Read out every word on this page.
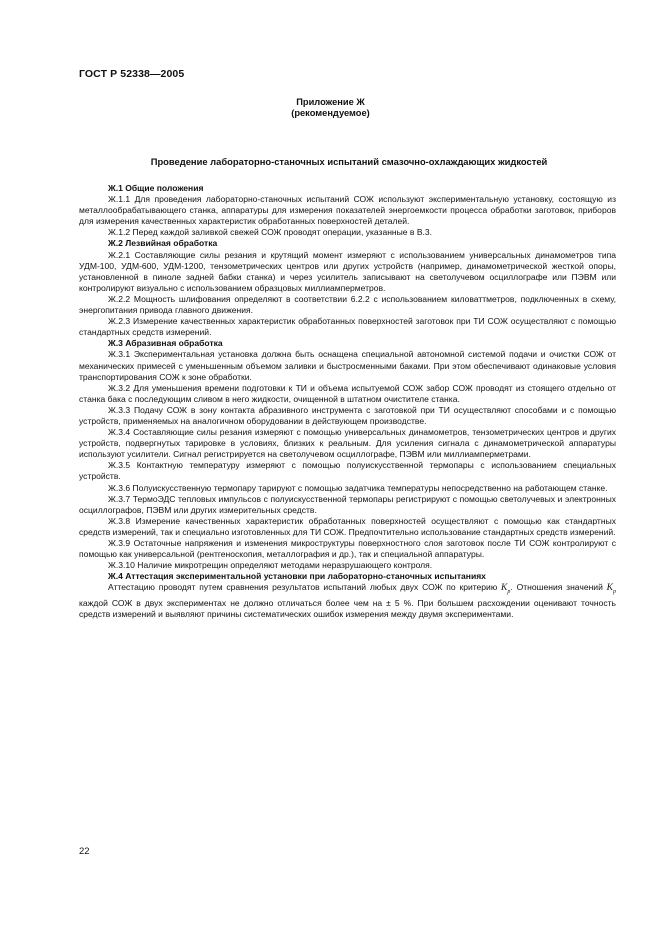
ГОСТ Р 52338—2005
Приложение Ж
(рекомендуемое)
Проведение лабораторно-станочных испытаний смазочно-охлаждающих жидкостей

Ж.1 Общие положения

Ж.1.1 Для проведения лабораторно-станочных испытаний СОЖ используют экспериментальную установку, состоящую из металлообрабатывающего станка, аппаратуры для измерения показателей энергоемкости процесса обработки заготовок, приборов для измерения качественных характеристик обработанных поверхностей деталей.

Ж.1.2 Перед каждой заливкой свежей СОЖ проводят операции, указанные в В.3.

Ж.2 Лезвийная обработка

Ж.2.1 Составляющие силы резания и крутящий момент измеряют с использованием универсальных динамометров типа УДМ-100, УДМ-600, УДМ-1200, тензометрических центров или других устройств (например, динамометрической жесткой опоры, установленной в пиноле задней бабки станка) и через усилитель записывают на светолучевом осциллографе или ПЭВМ или контролируют визуально с использованием образцовых миллиамперметров.

Ж.2.2 Мощность шлифования определяют в соответствии 6.2.2 с использованием киловаттметров, подключенных в схему, энергопитания привода главного движения.

Ж.2.3 Измерение качественных характеристик обработанных поверхностей заготовок при ТИ СОЖ осуществляют с помощью стандартных средств измерений.

Ж.3 Абразивная обработка

Ж.3.1 Экспериментальная установка должна быть оснащена специальной автономной системой подачи и очистки СОЖ от механических примесей с уменьшенным объемом заливки и быстросменными баками. При этом обеспечивают одинаковые условия транспортирования СОЖ к зоне обработки.

Ж.3.2 Для уменьшения времени подготовки к ТИ и объема испытуемой СОЖ забор СОЖ проводят из стоящего отдельно от станка бака с последующим сливом в него жидкости, очищенной в штатном очистителе станка.

Ж.3.3 Подачу СОЖ в зону контакта абразивного инструмента с заготовкой при ТИ осуществляют способами и с помощью устройств, применяемых на аналогичном оборудовании в действующем производстве.

Ж.3.4 Составляющие силы резания измеряют с помощью универсальных динамометров, тензометрических центров и других устройств, подвергнутых тарировке в условиях, близких к реальным. Для усиления сигнала с динамометрической аппаратуры используют усилители. Сигнал регистрируется на светолучевом осциллографе, ПЭВМ или миллиамперметрами.

Ж.3.5 Контактную температуру измеряют с помощью полуискусственной термопары с использованием специальных устройств.

Ж.3.6 Полуискусственную термопару тарируют с помощью задатчика температуры непосредственно на работающем станке.

Ж.3.7 ТермоЭДС тепловых импульсов с полуискусственной термопары регистрируют с помощью светолучевых и электронных осциллографов, ПЭВМ или других измерительных средств.

Ж.3.8 Измерение качественных характеристик обработанных поверхностей осуществляют с помощью как стандартных средств измерений, так и специально изготовленных для ТИ СОЖ. Предпочтительно использование стандартных средств измерений.

Ж.3.9 Остаточные напряжения и изменения микроструктуры поверхностного слоя заготовок после ТИ СОЖ контролируют с помощью как универсальной (рентгеноскопия, металлография и др.), так и специальной аппаратуры.

Ж.3.10 Наличие микротрещин определяют методами неразрушающего контроля.

Ж.4 Аттестация экспериментальной установки при лабораторно-станочных испытаниях

Аттестацию проводят путем сравнения результатов испытаний любых двух СОЖ по критерию $K_р$. Отношения значений $K_р$ каждой СОЖ в двух экспериментах не должно отличаться более чем на ± 5 %. При большем расхождении оценивают точность средств измерений и выявляют причины систематических ошибок измерения между двумя экспериментами.

22
